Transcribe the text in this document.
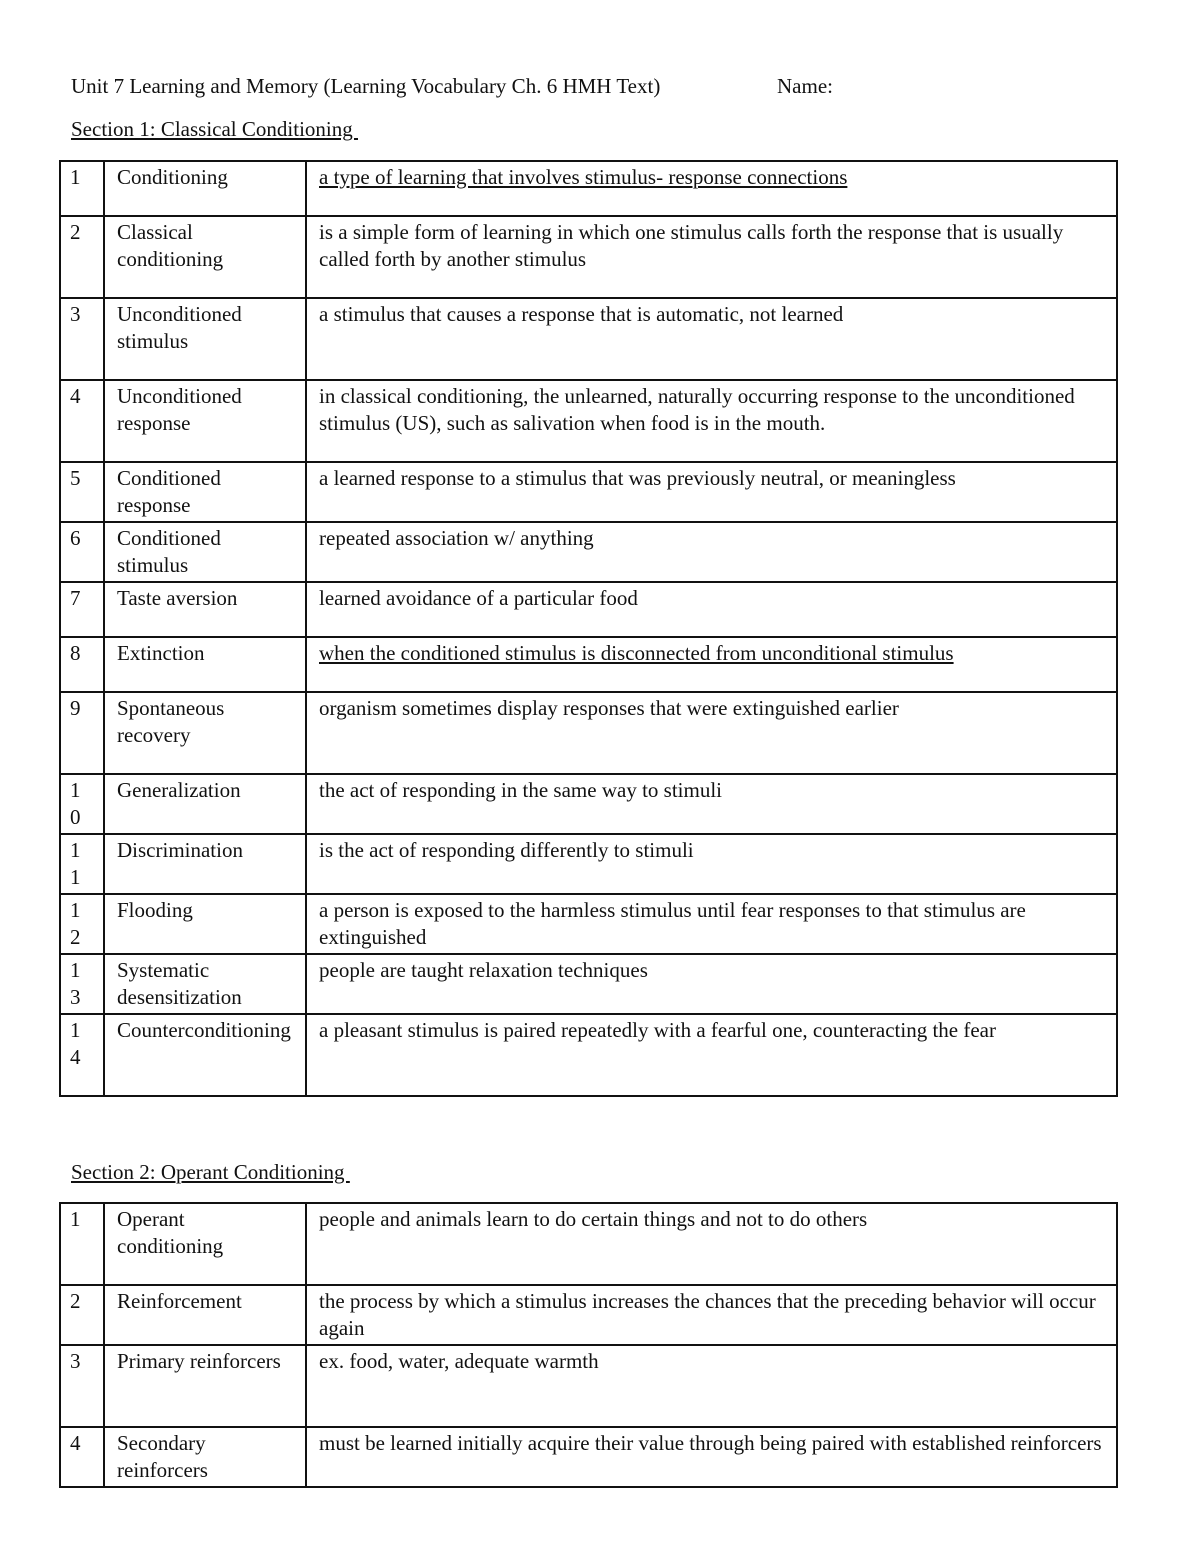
Unit 7 Learning and Memory (Learning Vocabulary Ch. 6 HMH Text)	Name:
Section 1: Classical Conditioning
1	Conditioning	a type of learning that involves stimulus- response connections
2	Classical conditioning	is a simple form of learning in which one stimulus calls forth the response that is usually called forth by another stimulus
3	Unconditioned stimulus	a stimulus that causes a response that is automatic, not learned
4	Unconditioned response	in classical conditioning, the unlearned, naturally occurring response to the unconditioned stimulus (US), such as salivation when food is in the mouth.
5	Conditioned response	a learned response to a stimulus that was previously neutral, or meaningless
6	Conditioned stimulus	repeated association w/ anything
7	Taste aversion	learned avoidance of a particular food
8	Extinction	when the conditioned stimulus is disconnected from unconditional stimulus
9	Spontaneous recovery	organism sometimes display responses that were extinguished earlier
10	Generalization	the act of responding in the same way to stimuli
11	Discrimination	is the act of responding differently to stimuli
12	Flooding	a person is exposed to the harmless stimulus until fear responses to that stimulus are extinguished
13	Systematic desensitization	people are taught relaxation techniques
14	Counterconditioning	a pleasant stimulus is paired repeatedly with a fearful one, counteracting the fear
Section 2: Operant Conditioning
1	Operant conditioning	people and animals learn to do certain things and not to do others
2	Reinforcement	the process by which a stimulus increases the chances that the preceding behavior will occur again
3	Primary reinforcers	ex. food, water, adequate warmth
4	Secondary reinforcers	must be learned initially acquire their value through being paired with established reinforcers
